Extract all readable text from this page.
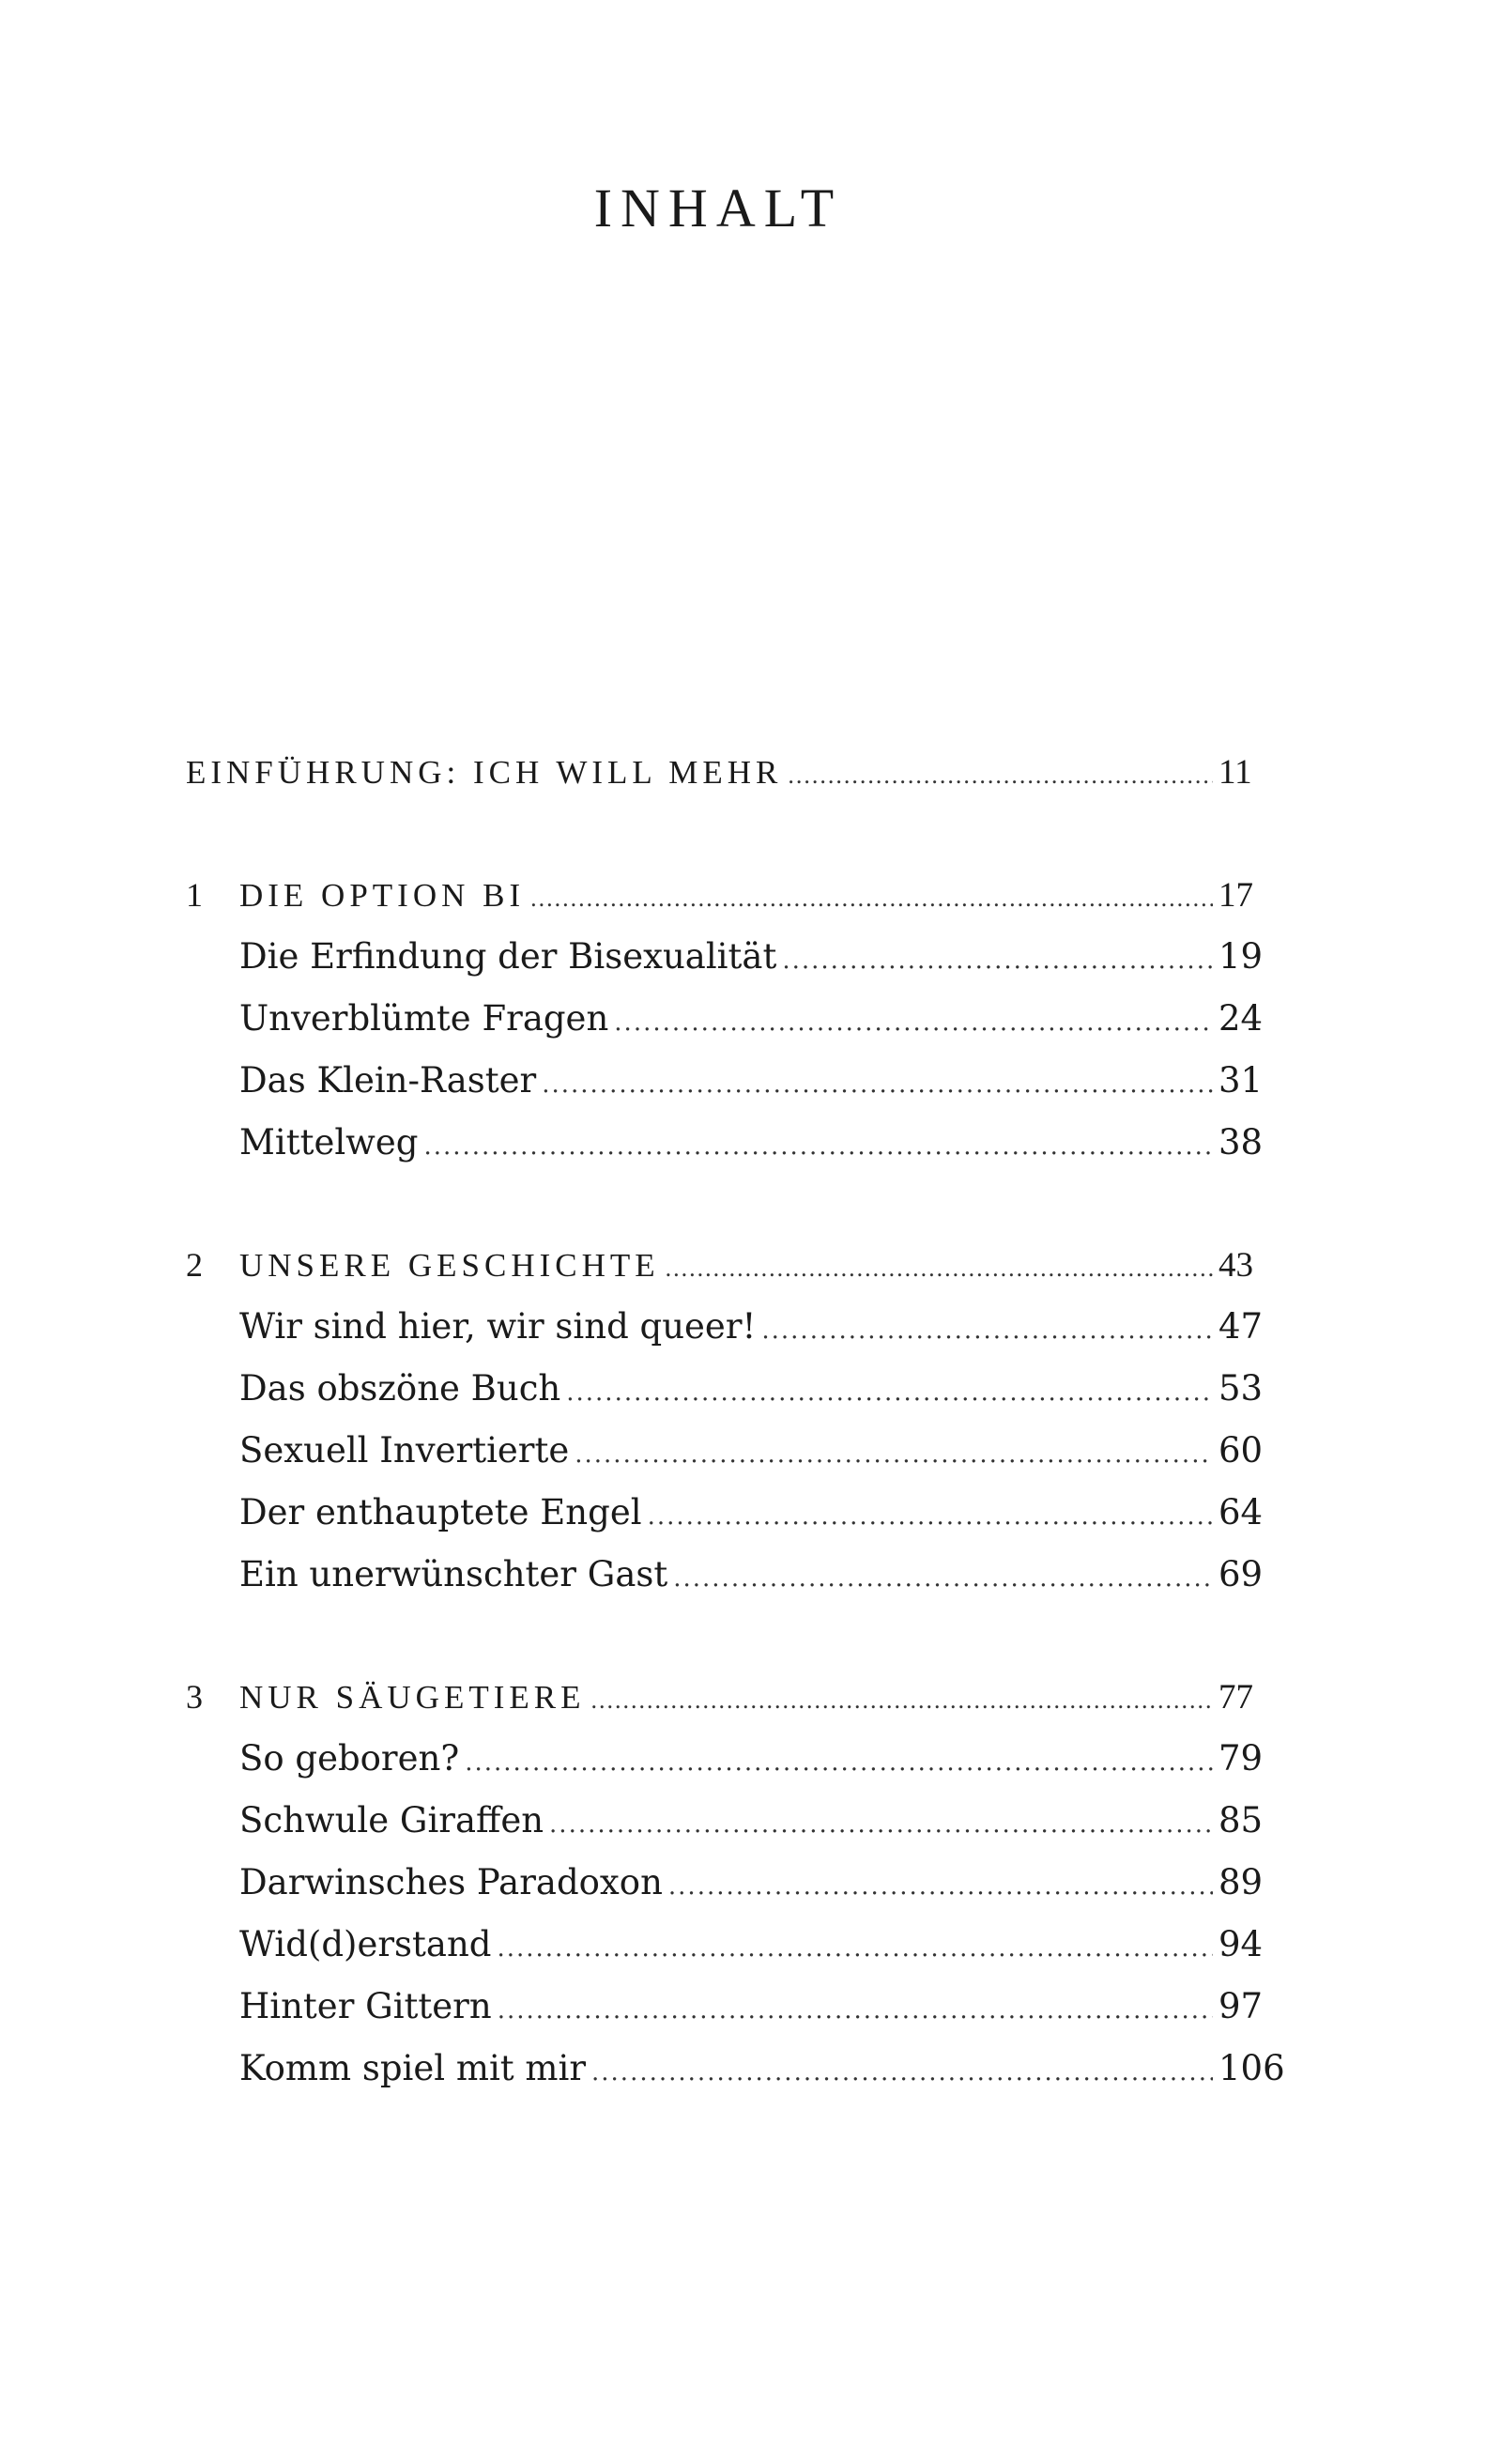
INHALT
EINFÜHRUNG: ICH WILL MEHR .....	11
1	DIE OPTION BI .....	17
Die Erfindung der Bisexualität .....	19
Unverblümte Fragen .....	24
Das Klein-Raster .....	31
Mittelweg .....	38
2	UNSERE GESCHICHTE .....	43
Wir sind hier, wir sind queer! .....	47
Das obszöne Buch .....	53
Sexuell Invertierte .....	60
Der enthauptete Engel .....	64
Ein unerwünschter Gast .....	69
3	NUR SÄUGETIERE .....	77
So geboren? .....	79
Schwule Giraffen .....	85
Darwinsches Paradoxon .....	89
Wid(d)erstand .....	94
Hinter Gittern .....	97
Komm spiel mit mir .....	106
